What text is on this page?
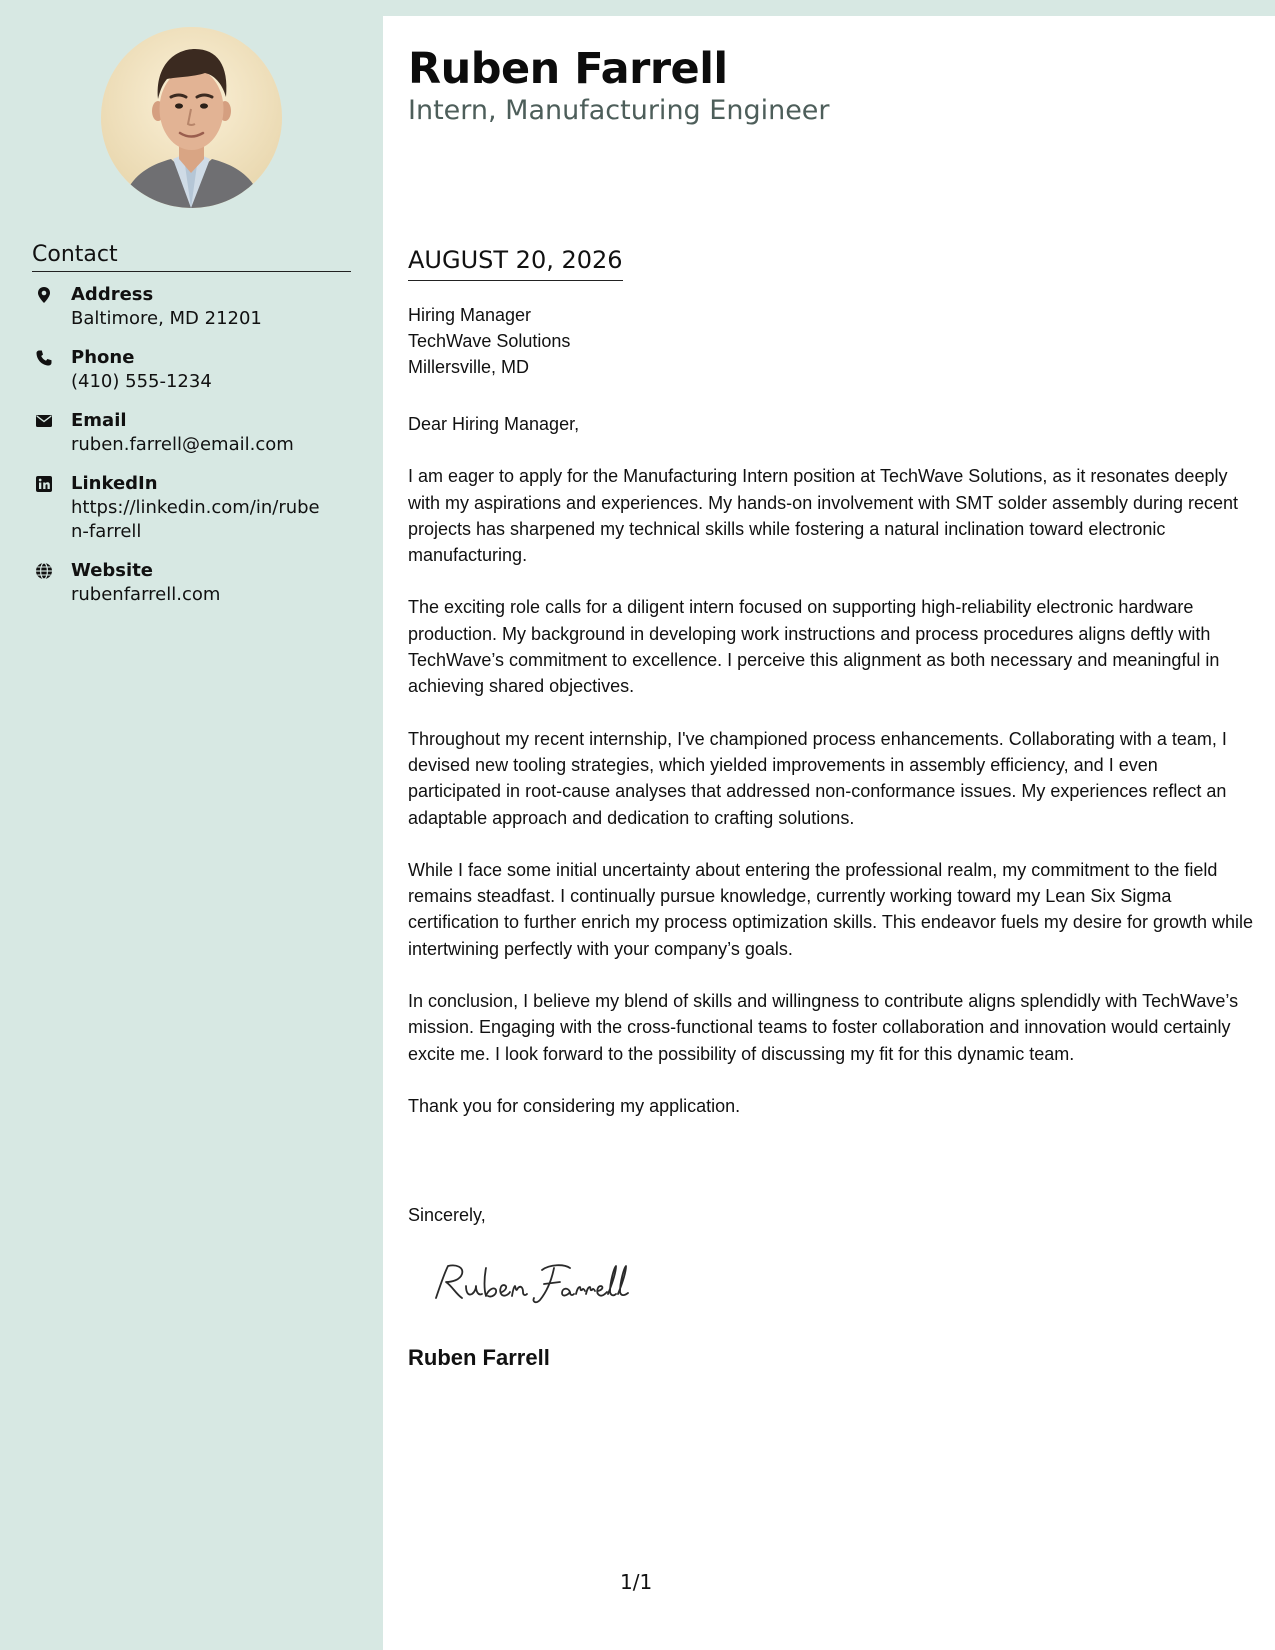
Contact
Address
Baltimore, MD 21201
Phone
(410) 555-1234
Email
ruben.farrell@email.com
LinkedIn
https://linkedin.com/in/ruben-farrell
Website
rubenfarrell.com
Ruben Farrell
Intern, Manufacturing Engineer
AUGUST 20, 2026
Hiring Manager
TechWave Solutions
Millersville, MD

Dear Hiring Manager,

I am eager to apply for the Manufacturing Intern position at TechWave Solutions, as it resonates deeply with my aspirations and experiences. My hands-on involvement with SMT solder assembly during recent projects has sharpened my technical skills while fostering a natural inclination toward electronic manufacturing.

The exciting role calls for a diligent intern focused on supporting high-reliability electronic hardware production. My background in developing work instructions and process procedures aligns deftly with TechWave’s commitment to excellence. I perceive this alignment as both necessary and meaningful in achieving shared objectives.

Throughout my recent internship, I've championed process enhancements. Collaborating with a team, I devised new tooling strategies, which yielded improvements in assembly efficiency, and I even participated in root-cause analyses that addressed non-conformance issues. My experiences reflect an adaptable approach and dedication to crafting solutions.

While I face some initial uncertainty about entering the professional realm, my commitment to the field remains steadfast. I continually pursue knowledge, currently working toward my Lean Six Sigma certification to further enrich my process optimization skills. This endeavor fuels my desire for growth while intertwining perfectly with your company’s goals.

In conclusion, I believe my blend of skills and willingness to contribute aligns splendidly with TechWave’s mission. Engaging with the cross-functional teams to foster collaboration and innovation would certainly excite me. I look forward to the possibility of discussing my fit for this dynamic team.

Thank you for considering my application.

Sincerely,
Ruben Farrell
1/1
